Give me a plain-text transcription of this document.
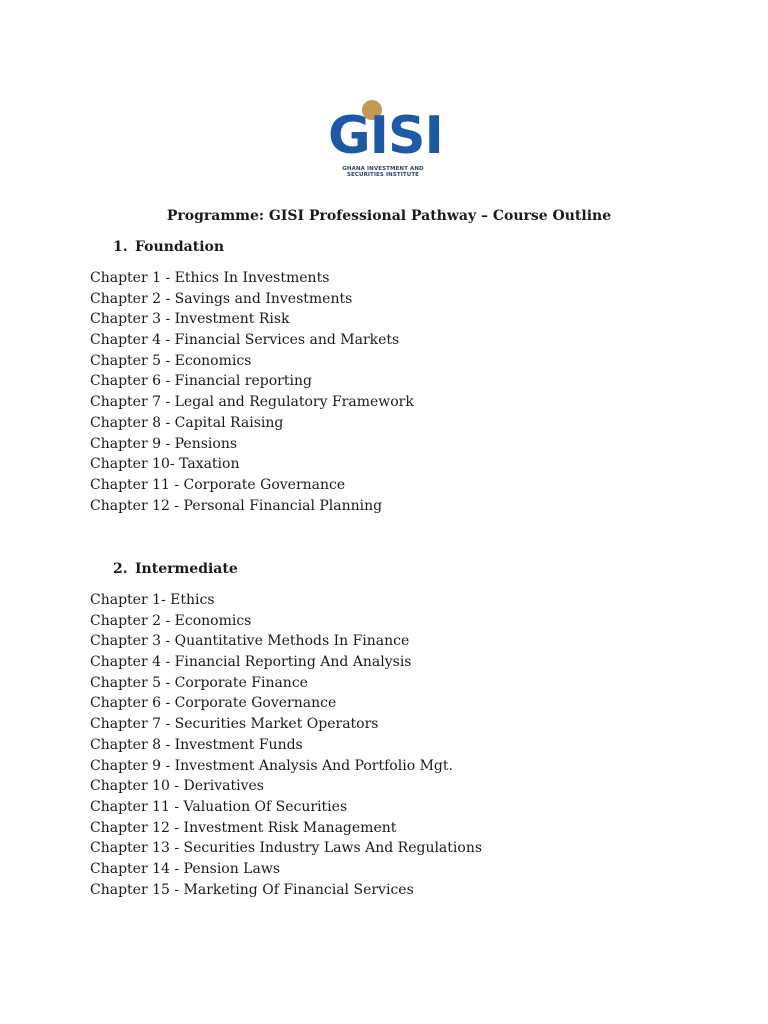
GISI
GHANA INVESTMENT AND SECURITIES INSTITUTE
Programme: GISI Professional Pathway – Course Outline
1. Foundation
Chapter 1 - Ethics In Investments
Chapter 2 - Savings and Investments
Chapter 3 - Investment Risk
Chapter 4 - Financial Services and Markets
Chapter 5 - Economics
Chapter 6 - Financial reporting
Chapter 7 - Legal and Regulatory Framework
Chapter 8 - Capital Raising
Chapter 9 - Pensions
Chapter 10- Taxation
Chapter 11 - Corporate Governance
Chapter 12 - Personal Financial Planning
2. Intermediate
Chapter 1- Ethics
Chapter 2 - Economics
Chapter 3 - Quantitative Methods In Finance
Chapter 4 - Financial Reporting And Analysis
Chapter 5 - Corporate Finance
Chapter 6 - Corporate Governance
Chapter 7 - Securities Market Operators
Chapter 8 - Investment Funds
Chapter 9 - Investment Analysis And Portfolio Mgt.
Chapter 10 - Derivatives
Chapter 11 - Valuation Of Securities
Chapter 12 - Investment Risk Management
Chapter 13 - Securities Industry Laws And Regulations
Chapter 14 - Pension Laws
Chapter 15 - Marketing Of Financial Services
